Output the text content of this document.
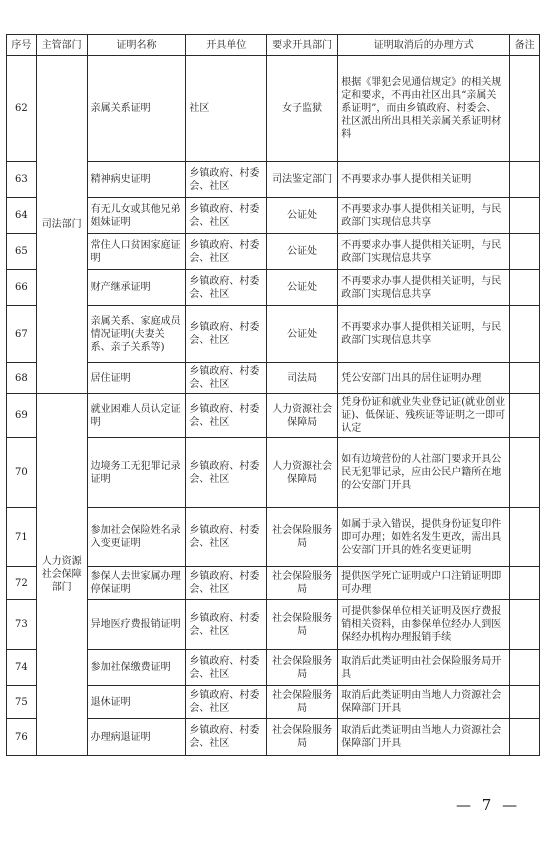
序号	主管部门	证明名称	开具单位	要求开具部门	证明取消后的办理方式	备注
62	司法部门	亲属关系证明	社区	女子监狱	根据《罪犯会见通信规定》的相关规定和要求，不再由社区出具“亲属关系证明”，而由乡镇政府、村委会、社区派出所出具相关亲属关系证明材料	
63		精神病史证明	乡镇政府、村委会、社区	司法鉴定部门	不再要求办事人提供相关证明	
64		有无儿女或其他兄弟姐妹证明	乡镇政府、村委会、社区	公证处	不再要求办事人提供相关证明，与民政部门实现信息共享	
65		常住人口贫困家庭证明	乡镇政府、村委会、社区	公证处	不再要求办事人提供相关证明，与民政部门实现信息共享	
66		财产继承证明	乡镇政府、村委会、社区	公证处	不再要求办事人提供相关证明，与民政部门实现信息共享	
67		亲属关系、家庭成员情况证明(夫妻关系、亲子关系等)	乡镇政府、村委会、社区	公证处	不再要求办事人提供相关证明，与民政部门实现信息共享	
68		居住证明	乡镇政府、村委会、社区	司法局	凭公安部门出具的居住证明办理	
69	人力资源社会保障部门	就业困难人员认定证明	乡镇政府、村委会、社区	人力资源社会保障局	凭身份证和就业失业登记证(就业创业证)、低保证、残疾证等证明之一即可认定	
70		边境务工无犯罪记录证明	乡镇政府、村委会、社区	人力资源社会保障局	如有边境营份的人社部门要求开具公民无犯罪记录，应由公民户籍所在地的公安部门开具	
71		参加社会保险姓名录入变更证明	乡镇政府、村委会、社区	社会保险服务局	如属于录入错误，提供身份证复印件即可办理；如姓名发生更改，需出具公安部门开具的姓名变更证明	
72		参保人去世家属办理停保证明	乡镇政府、村委会、社区	社会保险服务局	提供医学死亡证明或户口注销证明即可办理	
73		异地医疗费报销证明	乡镇政府、村委会、社区	社会保险服务局	可提供参保单位相关证明及医疗费报销相关资料，由参保单位经办人到医保经办机构办理报销手续	
74		参加社保缴费证明	乡镇政府、村委会、社区	社会保险服务局	取消后此类证明由社会保险服务局开具	
75		退休证明	乡镇政府、村委会、社区	社会保险服务局	取消后此类证明由当地人力资源社会保障部门开具	
76		办理病退证明	乡镇政府、村委会、社区	社会保险服务局	取消后此类证明由当地人力资源社会保障部门开具	
— 7 —
